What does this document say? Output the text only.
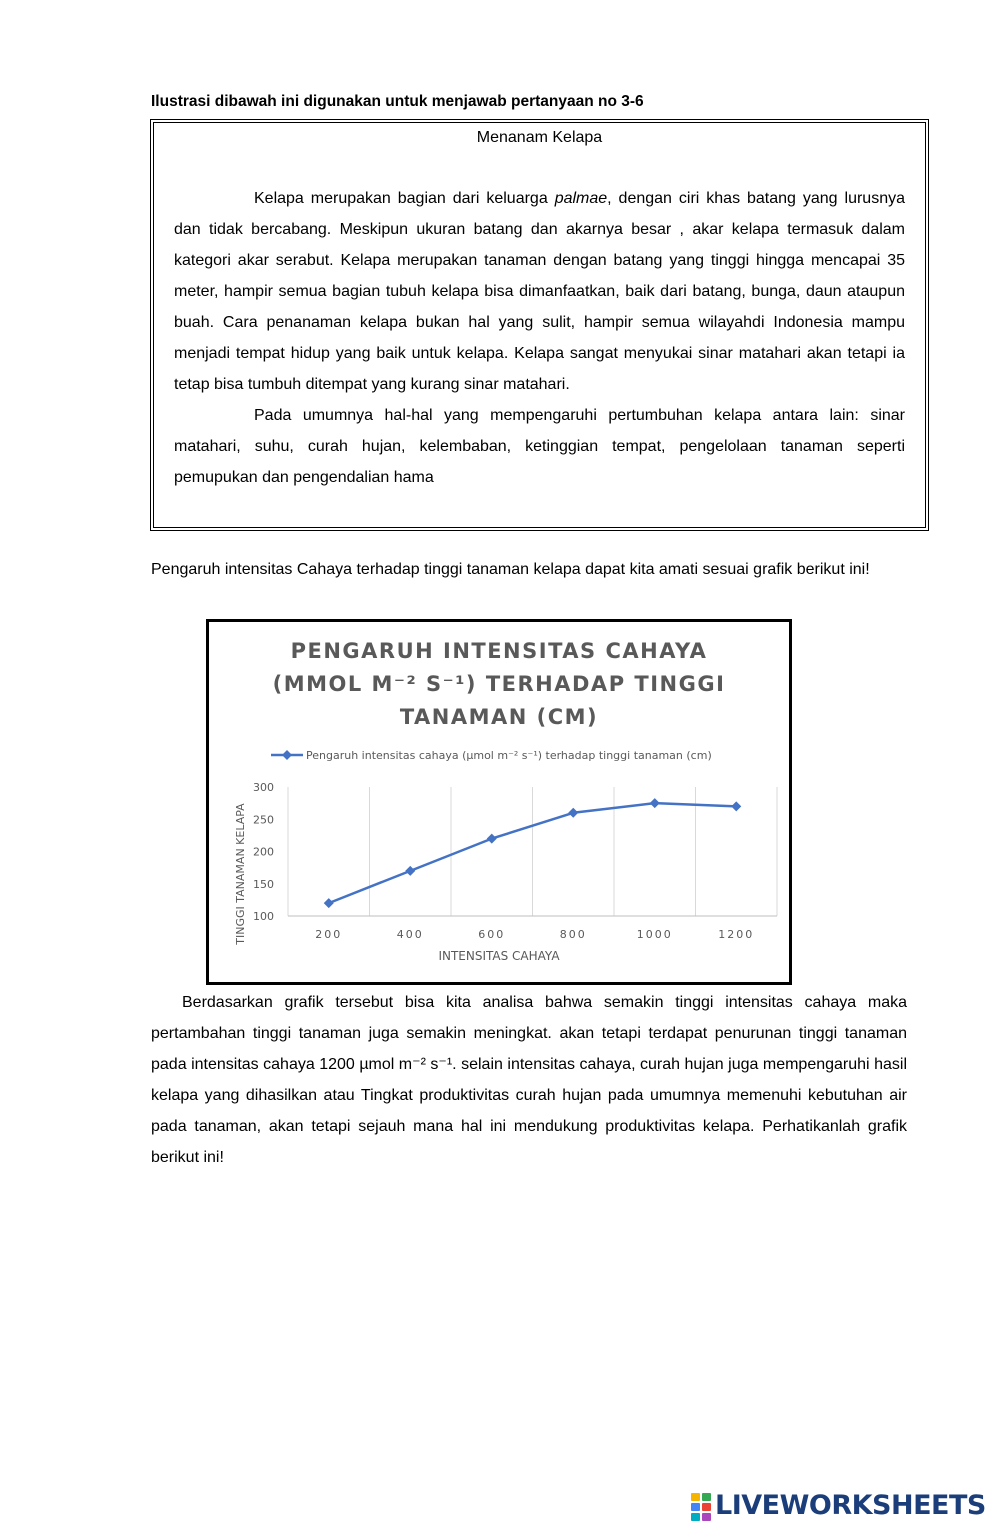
Ilustrasi dibawah ini digunakan untuk menjawab pertanyaan no 3-6
Menanam Kelapa

Kelapa merupakan bagian dari keluarga palmae, dengan ciri khas batang yang lurusnya dan tidak bercabang. Meskipun ukuran batang dan akarnya besar , akar kelapa termasuk dalam kategori akar serabut. Kelapa merupakan tanaman dengan batang yang tinggi hingga mencapai 35 meter, hampir semua bagian tubuh kelapa bisa dimanfaatkan, baik dari batang, bunga, daun ataupun buah. Cara penanaman kelapa bukan hal yang sulit, hampir semua wilayahdi Indonesia mampu menjadi tempat hidup yang baik untuk kelapa. Kelapa sangat menyukai sinar matahari akan tetapi ia tetap bisa tumbuh ditempat yang kurang sinar matahari.

Pada umumnya hal-hal yang mempengaruhi pertumbuhan kelapa antara lain: sinar matahari, suhu, curah hujan, kelembaban, ketinggian tempat, pengelolaan tanaman seperti pemupukan dan pengendalian hama

Pengaruh intensitas Cahaya terhadap tinggi tanaman kelapa dapat kita amati sesuai grafik berikut ini!

PENGARUH INTENSITAS CAHAYA
(MMOL M⁻² S⁻¹) TERHADAP TINGGI
TANAMAN (CM)
Pengaruh intensitas cahaya (µmol m⁻² s⁻¹) terhadap tinggi tanaman (cm)
100
150
200
250
300
200	400	600	800	1000	1200
INTENSITAS CAHAYA
TINGGI TANAMAN KELAPA

Berdasarkan grafik tersebut bisa kita analisa bahwa semakin tinggi intensitas cahaya maka pertambahan tinggi tanaman juga semakin meningkat. akan tetapi terdapat penurunan tinggi tanaman pada intensitas cahaya 1200 µmol m⁻² s⁻¹. selain intensitas cahaya, curah hujan juga mempengaruhi hasil kelapa yang dihasilkan atau Tingkat produktivitas curah hujan pada umumnya memenuhi kebutuhan air pada tanaman, akan tetapi sejauh mana hal ini mendukung produktivitas kelapa. Perhatikanlah grafik berikut ini!

LIVEWORKSHEETS
